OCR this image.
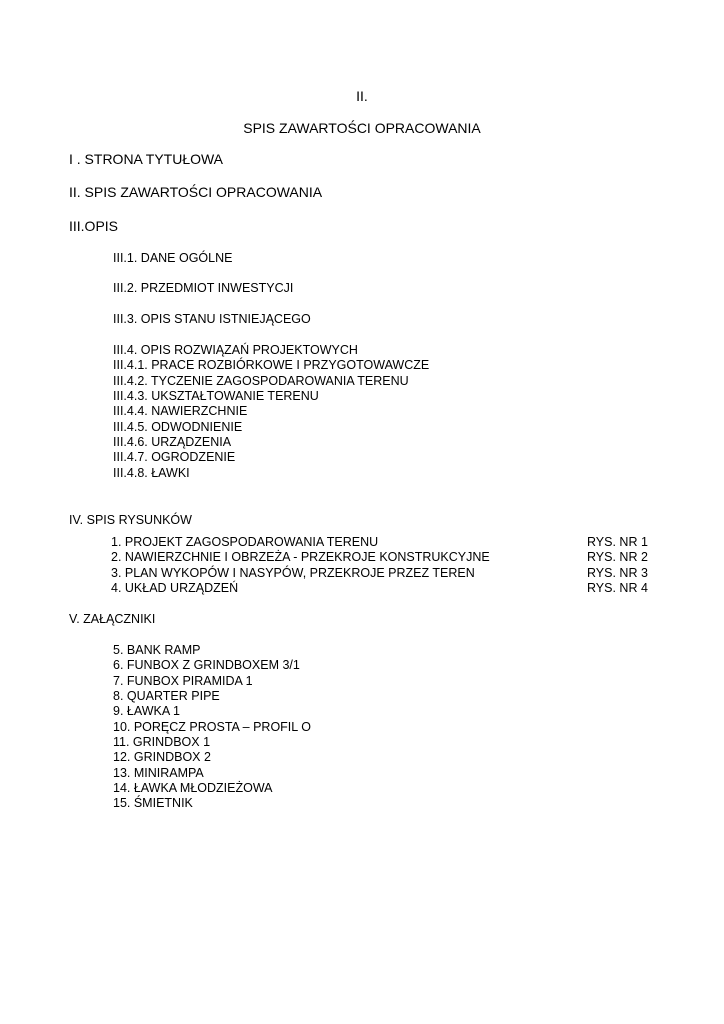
II.
SPIS ZAWARTOŚCI OPRACOWANIA
I . STRONA TYTUŁOWA
II. SPIS ZAWARTOŚCI OPRACOWANIA
III.OPIS
III.1. DANE OGÓLNE
III.2. PRZEDMIOT INWESTYCJI
III.3. OPIS STANU ISTNIEJĄCEGO
III.4. OPIS ROZWIĄZAŃ PROJEKTOWYCH
III.4.1. PRACE ROZBIÓRKOWE I PRZYGOTOWAWCZE
III.4.2. TYCZENIE ZAGOSPODAROWANIA TERENU
III.4.3. UKSZTAŁTOWANIE TERENU
III.4.4. NAWIERZCHNIE
III.4.5. ODWODNIENIE
III.4.6. URZĄDZENIA
III.4.7. OGRODZENIE
III.4.8. ŁAWKI
IV. SPIS RYSUNKÓW
1. PROJEKT ZAGOSPODAROWANIA TERENU	RYS. NR 1
2. NAWIERZCHNIE I OBRZEŻA - PRZEKROJE KONSTRUKCYJNE	RYS. NR 2
3. PLAN WYKOPÓW I NASYPÓW, PRZEKROJE PRZEZ TEREN	RYS. NR 3
4. UKŁAD URZĄDZEŃ	RYS. NR 4
V. ZAŁĄCZNIKI
5. BANK RAMP
6. FUNBOX Z GRINDBOXEM 3/1
7. FUNBOX PIRAMIDA 1
8. QUARTER PIPE
9. ŁAWKA 1
10. PORĘCZ PROSTA – PROFIL O
11. GRINDBOX 1
12. GRINDBOX 2
13. MINIRAMPA
14. ŁAWKA MŁODZIEŻOWA
15. ŚMIETNIK
